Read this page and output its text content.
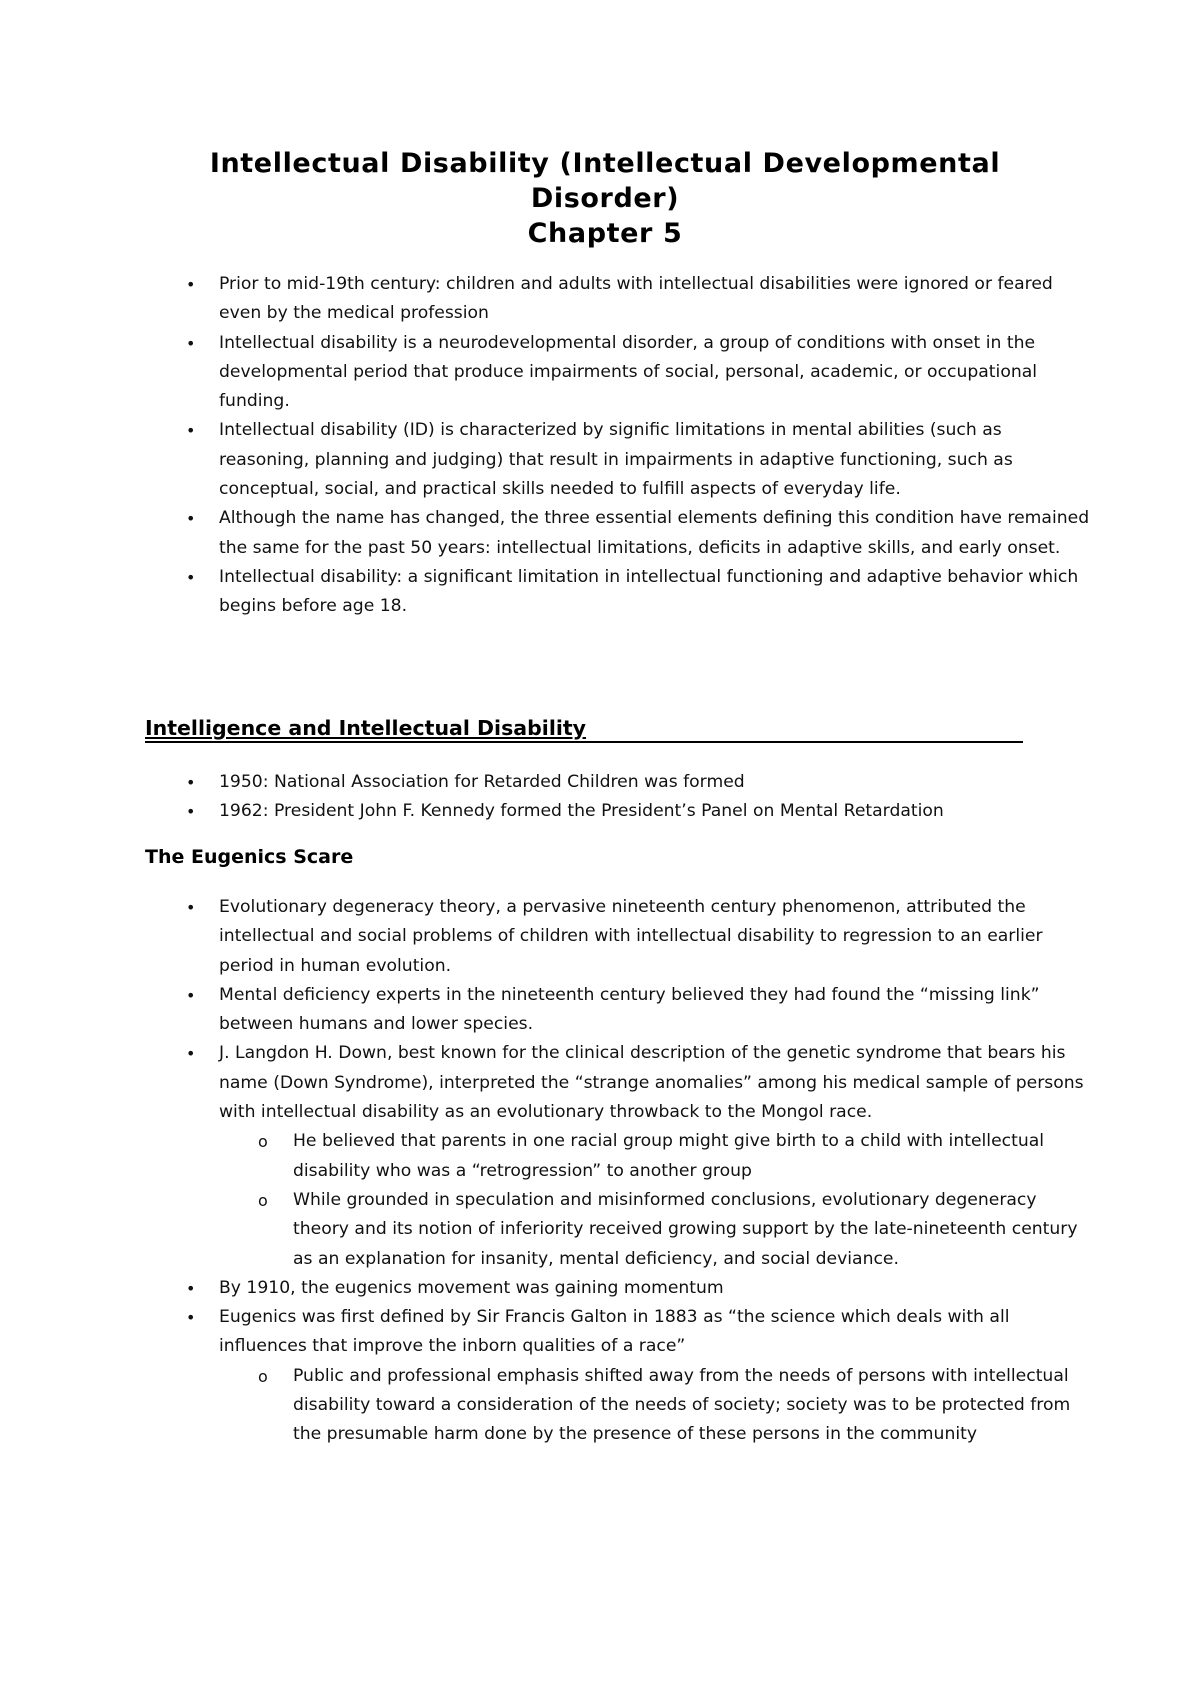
Intellectual Disability (Intellectual Developmental
Disorder)
Chapter 5
• Prior to mid-19th century: children and adults with intellectual disabilities were ignored or feared even by the medical profession
• Intellectual disability is a neurodevelopmental disorder, a group of conditions with onset in the developmental period that produce impairments of social, personal, academic, or occupational funding.
• Intellectual disability (ID) is characterized by signific limitations in mental abilities (such as reasoning, planning and judging) that result in impairments in adaptive functioning, such as conceptual, social, and practical skills needed to fulfill aspects of everyday life.
• Although the name has changed, the three essential elements defining this condition have remained the same for the past 50 years: intellectual limitations, deficits in adaptive skills, and early onset.
• Intellectual disability: a significant limitation in intellectual functioning and adaptive behavior which begins before age 18.
Intelligence and Intellectual Disability
• 1950: National Association for Retarded Children was formed
• 1962: President John F. Kennedy formed the President’s Panel on Mental Retardation
The Eugenics Scare
• Evolutionary degeneracy theory, a pervasive nineteenth century phenomenon, attributed the intellectual and social problems of children with intellectual disability to regression to an earlier period in human evolution.
• Mental deficiency experts in the nineteenth century believed they had found the “missing link” between humans and lower species.
• J. Langdon H. Down, best known for the clinical description of the genetic syndrome that bears his name (Down Syndrome), interpreted the “strange anomalies” among his medical sample of persons with intellectual disability as an evolutionary throwback to the Mongol race.
o He believed that parents in one racial group might give birth to a child with intellectual disability who was a “retrogression” to another group
o While grounded in speculation and misinformed conclusions, evolutionary degeneracy theory and its notion of inferiority received growing support by the late-nineteenth century as an explanation for insanity, mental deficiency, and social deviance.
• By 1910, the eugenics movement was gaining momentum
• Eugenics was first defined by Sir Francis Galton in 1883 as “the science which deals with all influences that improve the inborn qualities of a race”
o Public and professional emphasis shifted away from the needs of persons with intellectual disability toward a consideration of the needs of society; society was to be protected from the presumable harm done by the presence of these persons in the community
